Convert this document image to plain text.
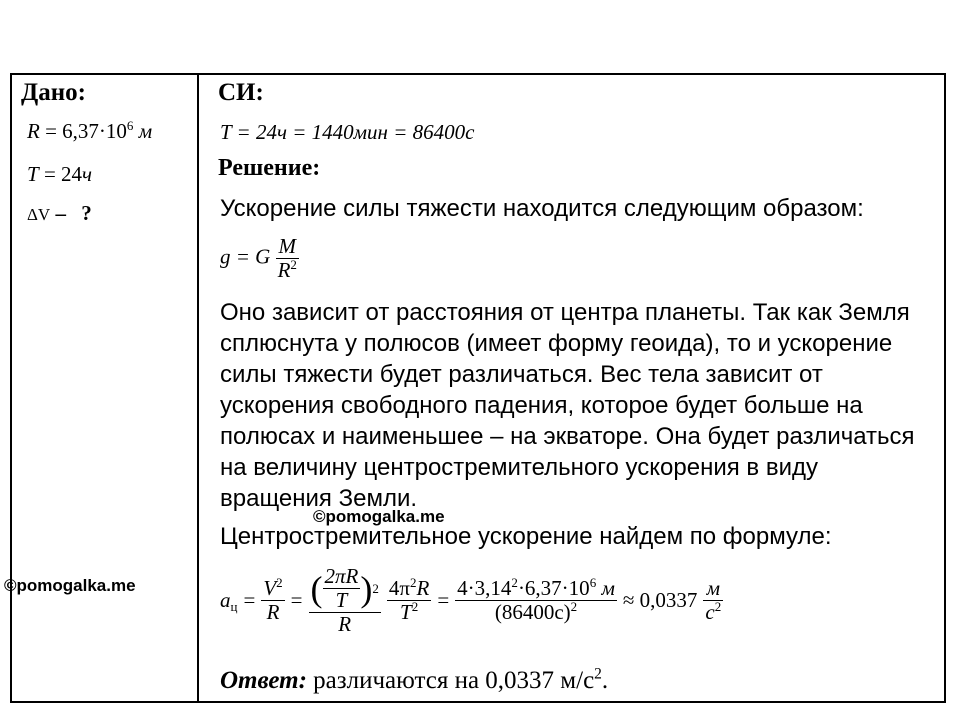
Дано:
$R = 6,37\cdot 10^6$ м
T = 24ч
ΔV – ?
СИ:
T = 24ч = 1440мин = 86400с
Решение:
Ускорение силы тяжести находится следующим образом:
g = G $\frac{M}{R^2}$
Оно зависит от расстояния от центра планеты. Так как Земля сплюснута у полюсов (имеет форму геоида), то и ускорение силы тяжести будет различаться. Вес тела зависит от ускорения свободного падения, которое будет больше на полюсах и наименьшее – на экваторе. Она будет различаться на величину центростремительного ускорения в виду вращения Земли.
Центростремительное ускорение найдем по формуле:
$a_ц = \frac{V^2}{R}$ = ( $\frac{2\pi R}{T}$ ) 2
R $\frac{4\pi^2R}{T^2} = \frac{4\cdot 3,14^2\cdot 6,37\cdot 10^6 м}{(86400с)^2} \approx 0,0337 \frac{м}{с^2}$
Ответ: различаются на 0,0337 $м/с^2$.
©pomogalka.me
©pomogalka.me
